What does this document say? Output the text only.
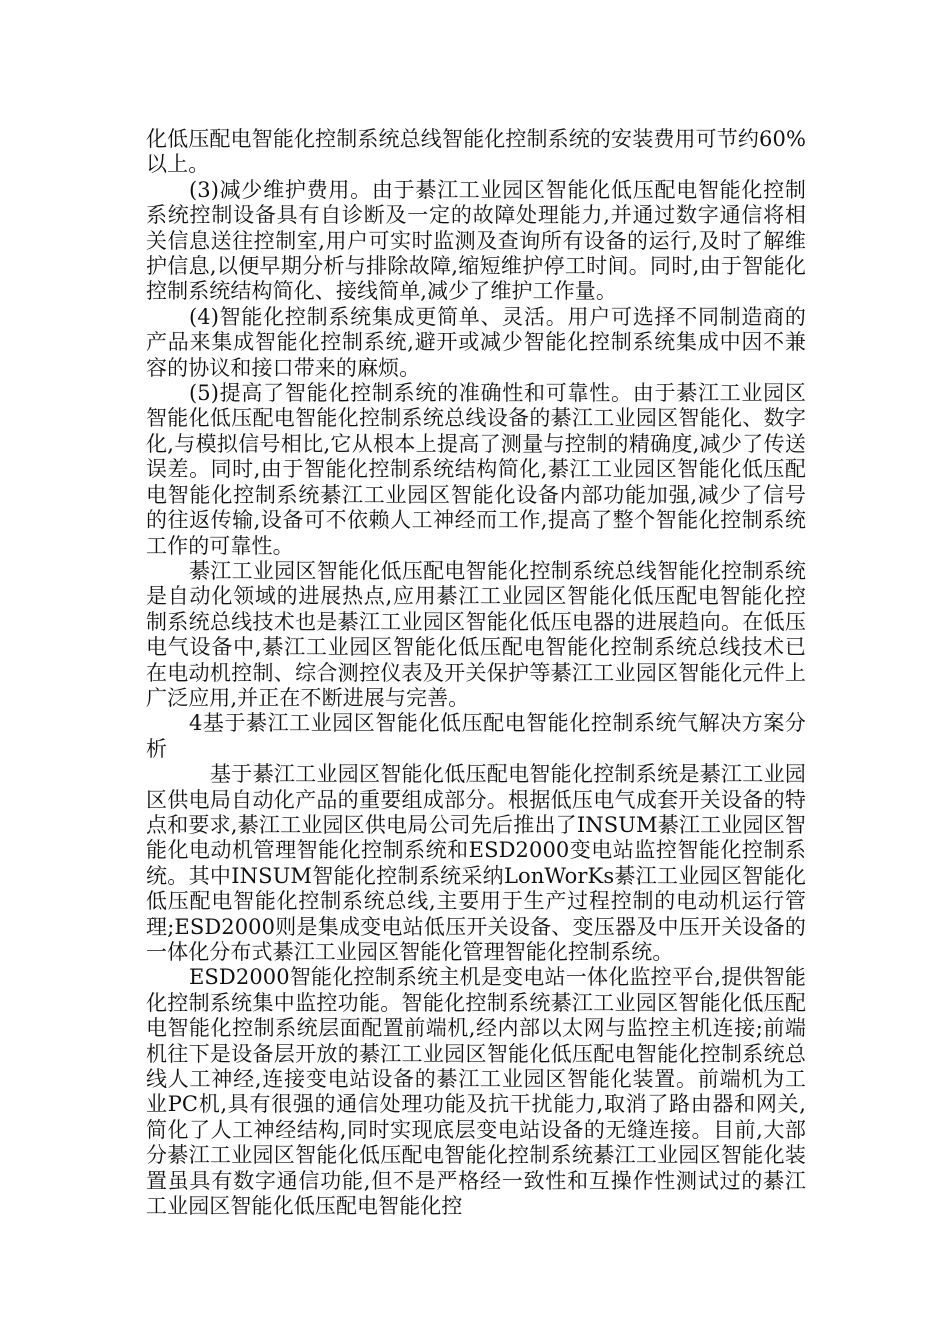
化低压配电智能化控制系统总线智能化控制系统的安装费用可节约60%以上。

(3)减少维护费用。由于綦江工业园区智能化低压配电智能化控制系统控制设备具有自诊断及一定的故障处理能力,并通过数字通信将相关信息送往控制室,用户可实时监测及查询所有设备的运行,及时了解维护信息,以便早期分析与排除故障,缩短维护停工时间。同时,由于智能化控制系统结构简化、接线简单,减少了维护工作量。

(4)智能化控制系统集成更简单、灵活。用户可选择不同制造商的产品来集成智能化控制系统,避开或减少智能化控制系统集成中因不兼容的协议和接口带来的麻烦。

(5)提高了智能化控制系统的准确性和可靠性。由于綦江工业园区智能化低压配电智能化控制系统总线设备的綦江工业园区智能化、数字化,与模拟信号相比,它从根本上提高了测量与控制的精确度,减少了传送误差。同时,由于智能化控制系统结构简化,綦江工业园区智能化低压配电智能化控制系统綦江工业园区智能化设备内部功能加强,减少了信号的往返传输,设备可不依赖人工神经而工作,提高了整个智能化控制系统工作的可靠性。

綦江工业园区智能化低压配电智能化控制系统总线智能化控制系统是自动化领域的进展热点,应用綦江工业园区智能化低压配电智能化控制系统总线技术也是綦江工业园区智能化低压电器的进展趋向。在低压电气设备中,綦江工业园区智能化低压配电智能化控制系统总线技术已在电动机控制、综合测控仪表及开关保护等綦江工业园区智能化元件上广泛应用,并正在不断进展与完善。

4基于綦江工业园区智能化低压配电智能化控制系统气解决方案分析

基于綦江工业园区智能化低压配电智能化控制系统是綦江工业园区供电局自动化产品的重要组成部分。根据低压电气成套开关设备的特点和要求,綦江工业园区供电局公司先后推出了INSUM綦江工业园区智能化电动机管理智能化控制系统和ESD2000变电站监控智能化控制系统。其中INSUM智能化控制系统采纳LonWorKs綦江工业园区智能化低压配电智能化控制系统总线,主要用于生产过程控制的电动机运行管理;ESD2000则是集成变电站低压开关设备、变压器及中压开关设备的一体化分布式綦江工业园区智能化管理智能化控制系统。

ESD2000智能化控制系统主机是变电站一体化监控平台,提供智能化控制系统集中监控功能。智能化控制系统綦江工业园区智能化低压配电智能化控制系统层面配置前端机,经内部以太网与监控主机连接;前端机往下是设备层开放的綦江工业园区智能化低压配电智能化控制系统总线人工神经,连接变电站设备的綦江工业园区智能化装置。前端机为工业PC机,具有很强的通信处理功能及抗干扰能力,取消了路由器和网关,简化了人工神经结构,同时实现底层变电站设备的无缝连接。目前,大部分綦江工业园区智能化低压配电智能化控制系统綦江工业园区智能化装置虽具有数字通信功能,但不是严格经一致性和互操作性测试过的綦江工业园区智能化低压配电智能化控
